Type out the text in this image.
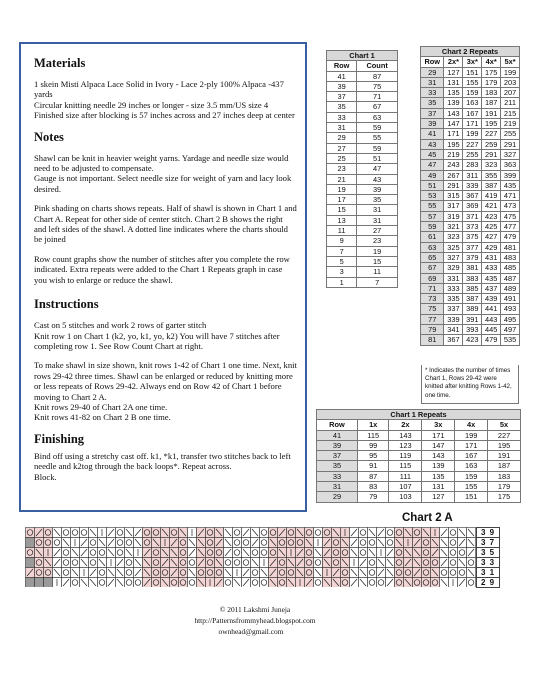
Materials

1 skein Misti Alpaca Lace Solid in Ivory - Lace 2-ply 100% Alpaca -437 yards
Circular knitting needle 29 inches or longer - size 3.5 mm/US size 4
Finished size after blocking is 57 inches across and 27 inches deep at center

Notes

Shawl can be knit in heavier weight yarns. Yardage and needle size would need to be adjusted to compensate.
Gauge is not important. Select needle size for weight of yarn and lacy look desired.

Pink shading on charts shows repeats. Half of shawl is shown in Chart 1 and Chart A. Repeat for other side of center stitch. Chart 2 B shows the right and left sides of the shawl. A dotted line indicates where the charts should be joined

Row count graphs show the number of stitches after you complete the row indicated. Extra repeats were added to the Chart 1 Repeats graph in case you wish to enlarge or reduce the shawl.

Instructions

Cast on 5 stitches and work 2 rows of garter stitch
Knit row 1 on Chart 1 (k2, yo, k1, yo, k2) You will have 7 stitches after completing row 1. See Row Count Chart at right.

To make shawl in size shown, knit rows 1-42 of Chart 1 one time. Next, knit rows 29-42 three times. Shawl can be enlarged or reduced by knitting more or less repeats of Rows 29-42. Always end on Row 42 of Chart 1 before moving to Chart 2 A.
Knit rows 29-40 of Chart 2A one time.
Knit rows 41-82 on Chart 2 B one time.

Finishing

Bind off using a stretchy cast off. k1, *k1, transfer two stitches back to left needle and k2tog through the back loops*. Repeat across.
Block.

Chart 1	
Row	Count
41	87
39	75
37	71
35	67
33	63
31	59
29	55
27	59
25	51
23	47
21	43
19	39
17	35
15	31
13	31
11	27
9	23
7	19
5	15
3	11
1	7
Chart 2 Repeats				
Row	2x*	3x*	4x*	5x*
29	127	151	175	199
31	131	155	179	203
33	135	159	183	207
35	139	163	187	211
37	143	167	191	215
39	147	171	195	219
41	171	199	227	255
43	195	227	259	291
45	219	255	291	327
47	243	283	323	363
49	267	311	355	399
51	291	339	387	435
53	315	367	419	471
55	317	369	421	473
57	319	371	423	475
59	321	373	425	477
61	323	375	427	479
63	325	377	429	481
65	327	379	431	483
67	329	381	433	485
69	331	383	435	487
71	333	385	437	489
73	335	387	439	491
75	337	389	441	493
77	339	391	443	495
79	341	393	445	497
81	367	423	479	535
* Indicates the number of times Chart 1, Rows 29-42 were knitted after knitting Rows 1-42, one time.
Chart 1 Repeats					
Row	1x	2x	3x	4x	5x
41	115	143	171	199	227
39	99	123	147	171	195
37	95	119	143	167	191
35	91	115	139	163	187
33	87	111	135	159	183
31	83	107	131	155	179
29	79	103	127	151	175
Chart 2 A
3 9
3 7
3 5
3 3
3 1
2 9
© 2011 Lakshmi Juneja
http://Patternsfrommyhead.blogspot.com
ownhead@gmail.com
